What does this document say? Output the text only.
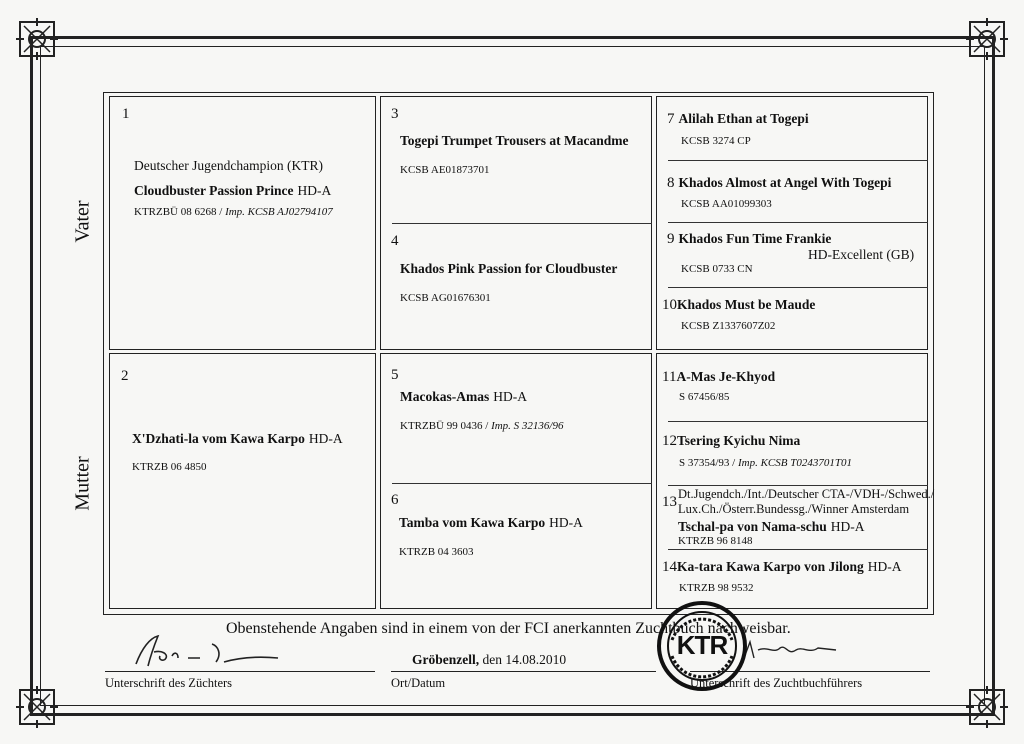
Vater
Mutter
1
Deutscher Jugendchampion (KTR)
Cloudbuster Passion Prince HD-A
KTRZBÜ 08 6268 / Imp. KCSB AJ02794107
2
X'Dzhati-la vom Kawa Karpo HD-A
KTRZB 06 4850
3
Togepi Trumpet Trousers at Macandme
KCSB AE01873701
4
Khados Pink Passion for Cloudbuster
KCSB AG01676301
5
Macokas-Amas HD-A
KTRZBÜ 99 0436 / Imp. S 32136/96
6
Tamba vom Kawa Karpo HD-A
KTRZB 04 3603
7 Alilah Ethan at Togepi
KCSB 3274 CP
8 Khados Almost at Angel With Togepi
KCSB AA01099303
9 Khados Fun Time Frankie
HD-Excellent (GB)
KCSB 0733 CN
10Khados Must be Maude
KCSB Z1337607Z02
11A-Mas Je-Khyod
S 67456/85
12Tsering Kyichu Nima
S 37354/93 / Imp. KCSB T0243701T01
13 Dt.Jugendch./Int./Deutscher CTA-/VDH-/Schwed./
Lux.Ch./Österr.Bundessg./Winner Amsterdam
Tschal-pa von Nama-schu HD-A
KTRZB 96 8148
14Ka-tara Kawa Karpo von Jilong HD-A
KTRZB 98 9532
Obenstehende Angaben sind in einem von der FCI anerkannten Zuchtbuch nachweisbar.
Unterschrift des Züchters
Gröbenzell, den 14.08.2010
Ort/Datum	Unterschrift des Zuchtbuchführers
KTR
